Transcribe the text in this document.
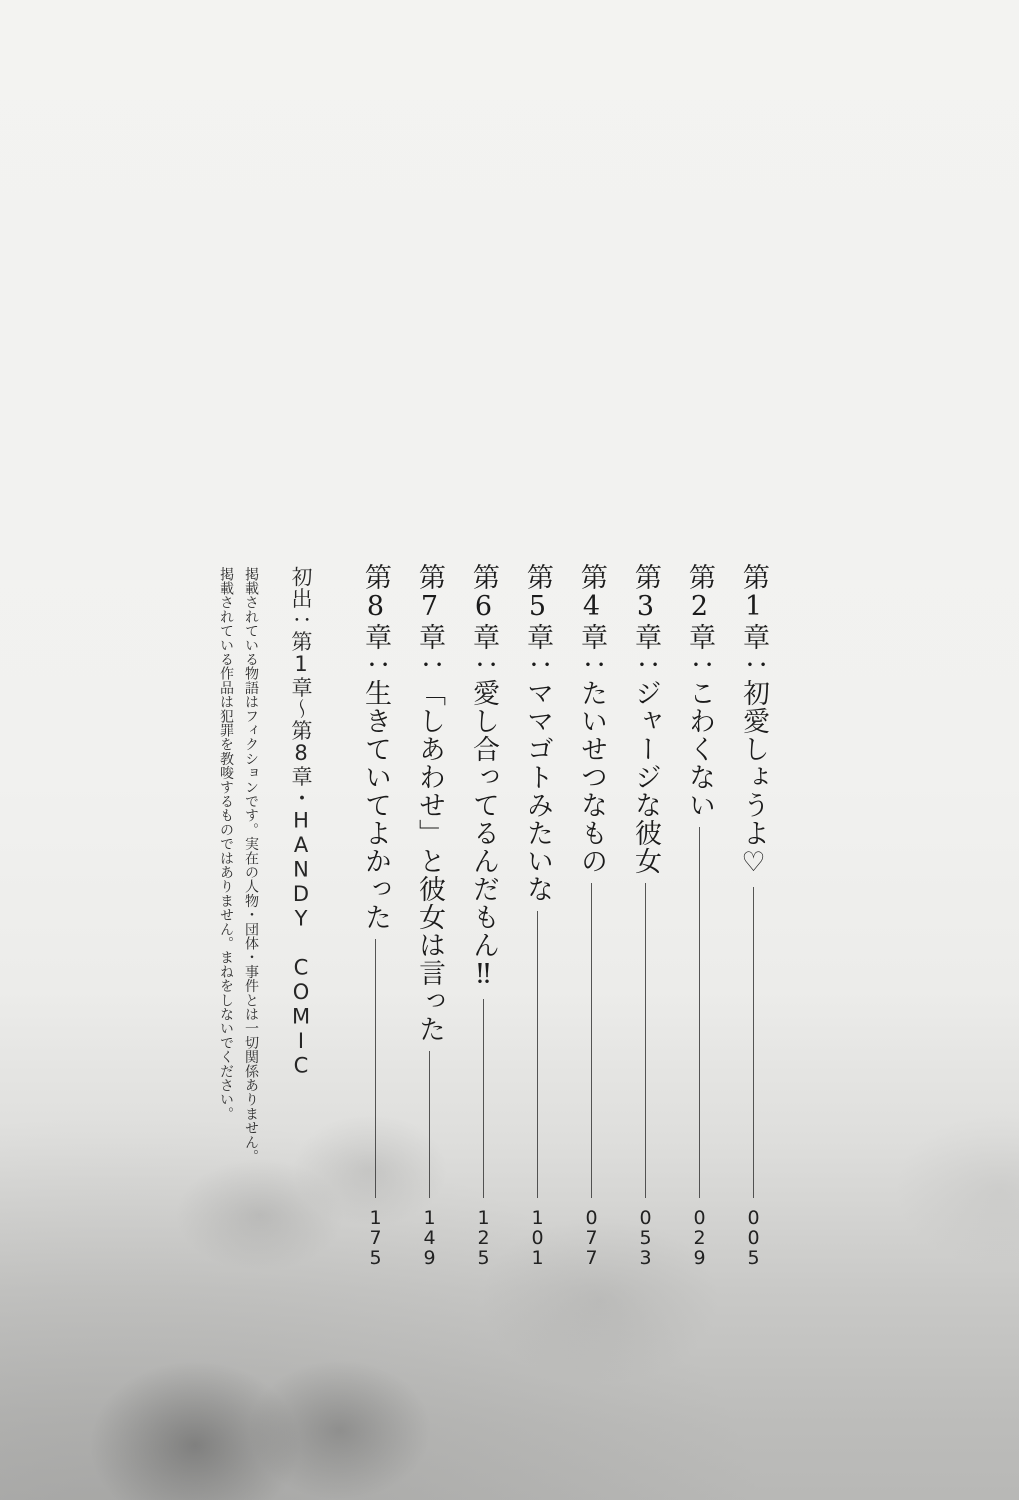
第1章：初愛しょうよ♡
005
第2章：こわくない
029
第3章：ジャージな彼女
053
第4章：たいせつなもの
077
第5章：ママゴトみたいな
101
第6章：愛し合ってるんだもん‼
125
第7章：「しあわせ」と彼女は言った
149
第8章：生きていてよかった
175
初出：第1章～第8章・HANDY COMIC

掲載されている物語はフィクションです。実在の人物・団体・事件とは一切関係ありません。

掲載されている作品は犯罪を教唆するものではありません。まねをしないでください。
